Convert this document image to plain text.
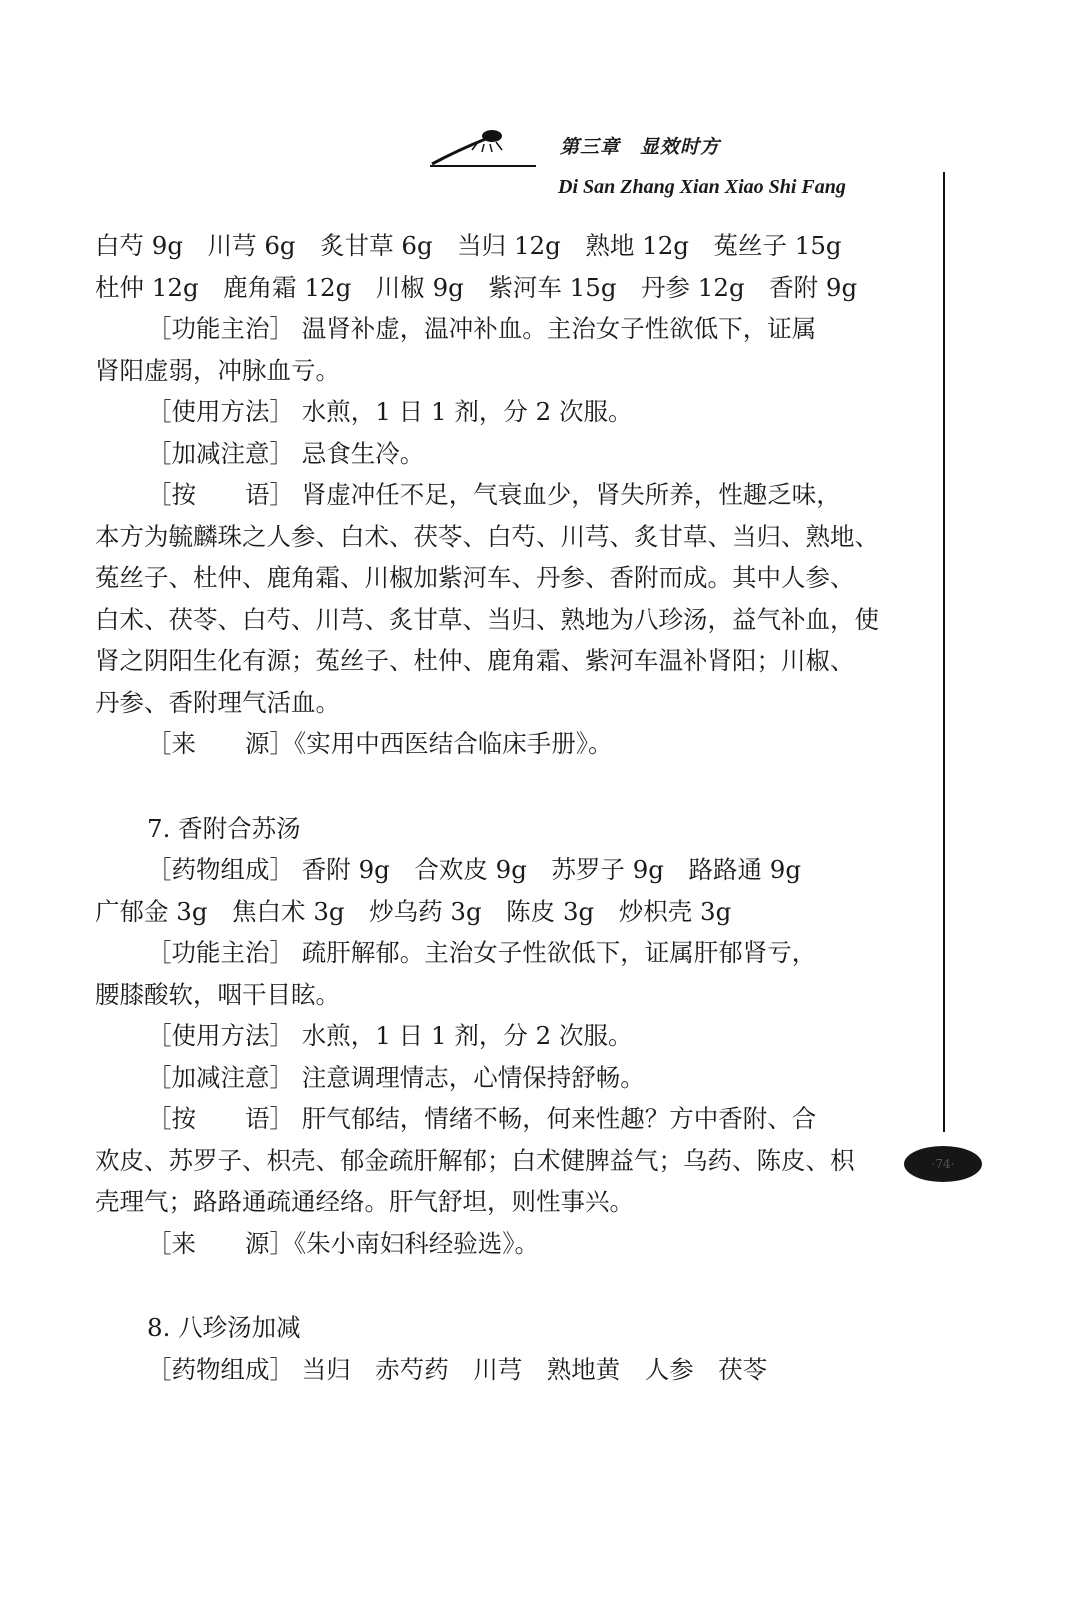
第三章　显效时方
Di San Zhang Xian Xiao Shi Fang
·74·
白芍 9g　川芎 6g　炙甘草 6g　当归 12g　熟地 12g　菟丝子 15g
杜仲 12g　鹿角霜 12g　川椒 9g　紫河车 15g　丹参 12g　香附 9g
［功能主治］ 温肾补虚，温冲补血。主治女子性欲低下，证属
肾阳虚弱，冲脉血亏。
［使用方法］ 水煎，1 日 1 剂，分 2 次服。
［加减注意］ 忌食生冷。
［按　　语］ 肾虚冲任不足，气衰血少，肾失所养，性趣乏味，
本方为毓麟珠之人参、白术、茯苓、白芍、川芎、炙甘草、当归、熟地、
菟丝子、杜仲、鹿角霜、川椒加紫河车、丹参、香附而成。其中人参、
白术、茯苓、白芍、川芎、炙甘草、当归、熟地为八珍汤，益气补血，使
肾之阴阳生化有源；菟丝子、杜仲、鹿角霜、紫河车温补肾阳；川椒、
丹参、香附理气活血。
［来　　源］《实用中西医结合临床手册》。
7. 香附合苏汤
［药物组成］ 香附 9g　合欢皮 9g　苏罗子 9g　路路通 9g
广郁金 3g　焦白术 3g　炒乌药 3g　陈皮 3g　炒枳壳 3g
［功能主治］ 疏肝解郁。主治女子性欲低下，证属肝郁肾亏，
腰膝酸软，咽干目眩。
［使用方法］ 水煎，1 日 1 剂，分 2 次服。
［加减注意］ 注意调理情志，心情保持舒畅。
［按　　语］ 肝气郁结，情绪不畅，何来性趣？方中香附、合
欢皮、苏罗子、枳壳、郁金疏肝解郁；白术健脾益气；乌药、陈皮、枳
壳理气；路路通疏通经络。肝气舒坦，则性事兴。
［来　　源］《朱小南妇科经验选》。
8. 八珍汤加减
［药物组成］ 当归　赤芍药　川芎　熟地黄　人参　茯苓
